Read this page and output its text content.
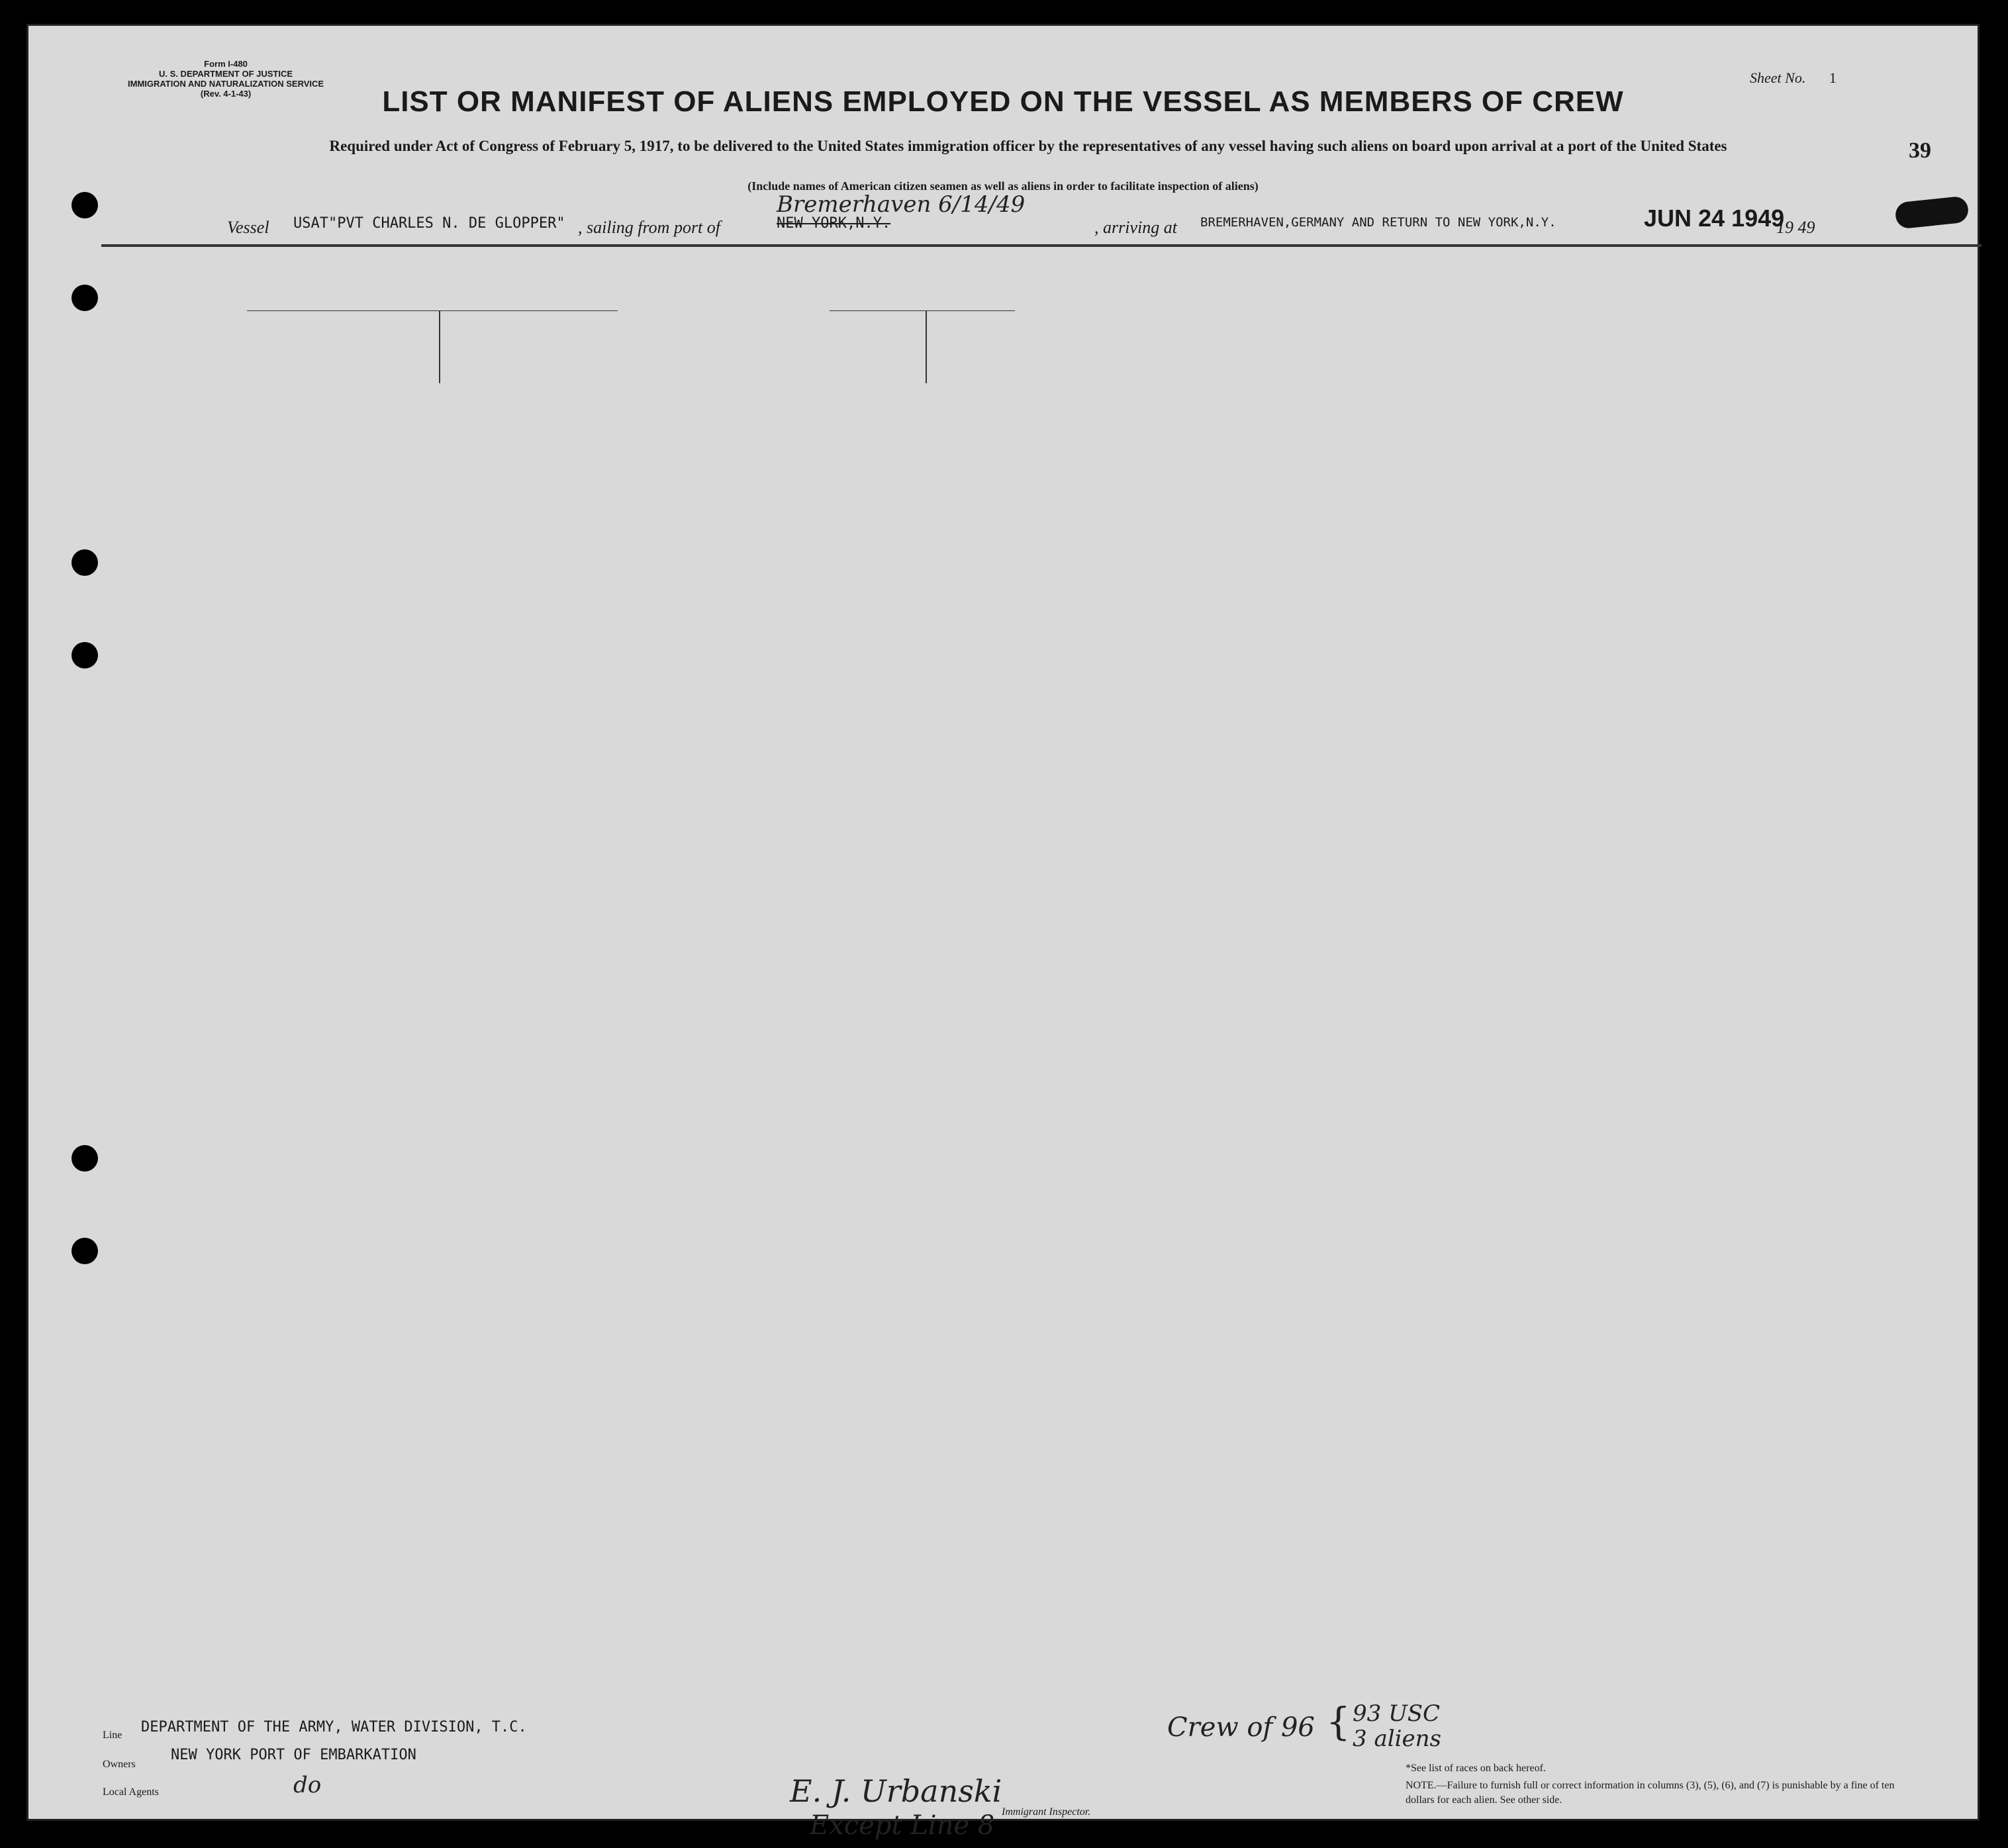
Form I-480
U. S. DEPARTMENT OF JUSTICE
IMMIGRATION AND NATURALIZATION SERVICE
(Rev. 4-1-43)	LIST OR MANIFEST OF ALIENS EMPLOYED ON THE VESSEL AS MEMBERS OF CREW
Sheet No. 1
39
Required under Act of Congress of February 5, 1917, to be delivered to the United States immigration officer by the representatives of any vessel having such aliens on board upon arrival at a port of the United States
(Include names of American citizen seamen as well as aliens in order to facilitate inspection of aliens)
Vessel USAT"PVT CHARLES N. DE GLOPPER" , sailing from port of	NEW YORK,N.Y.
Bremerhaven 6/14/49
, arriving at BREMERHAVEN,GERMANY AND RETURN TO NEW YORK,N.Y.	JUN 24 1949
19 49
Line DEPARTMENT OF THE ARMY, WATER DIVISION, T.C.
Owners
NEW YORK PORT OF EMBARKATION
Local Agents	do
Crew of 96 { 93 USC
3 aliens
E. J. Urbanski
Immigrant Inspector.
Except Line 8
*See list of races on back hereof.
NOTE.—Failure to furnish full or correct information in columns (3), (5), (6), and (7) is punishable by a fine of ten dollars for each alien. See other side.
